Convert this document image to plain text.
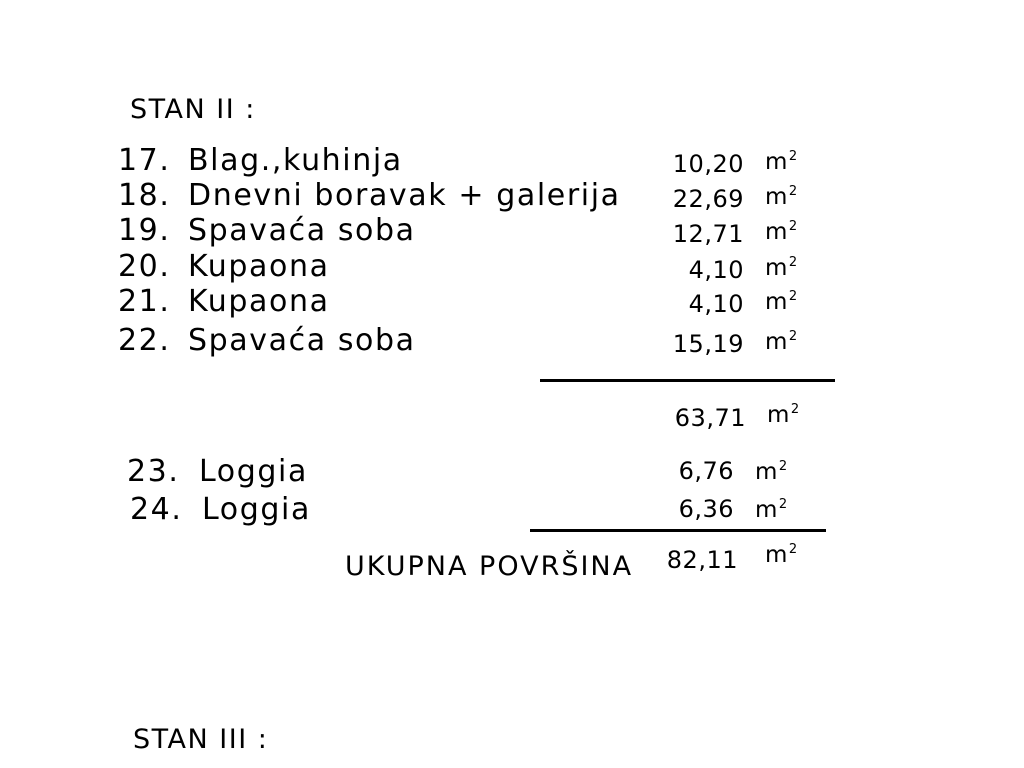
STAN II :
17. Blag.,kuhinja	10,20 $m^2$
18. Dnevni boravak + galerija	22,69 $m^2$
19. Spavaća soba	12,71 $m^2$
20. Kupaona	4,10 $m^2$
21. Kupaona	4,10 $m^2$
22. Spavaća soba	15,19 $m^2$
63,71 $m^2$
23. Loggia	6,76 $m^2$
24. Loggia	6,36 $m^2$
UKUPNA POVRŠINA	82,11 $m^2$
STAN III :
